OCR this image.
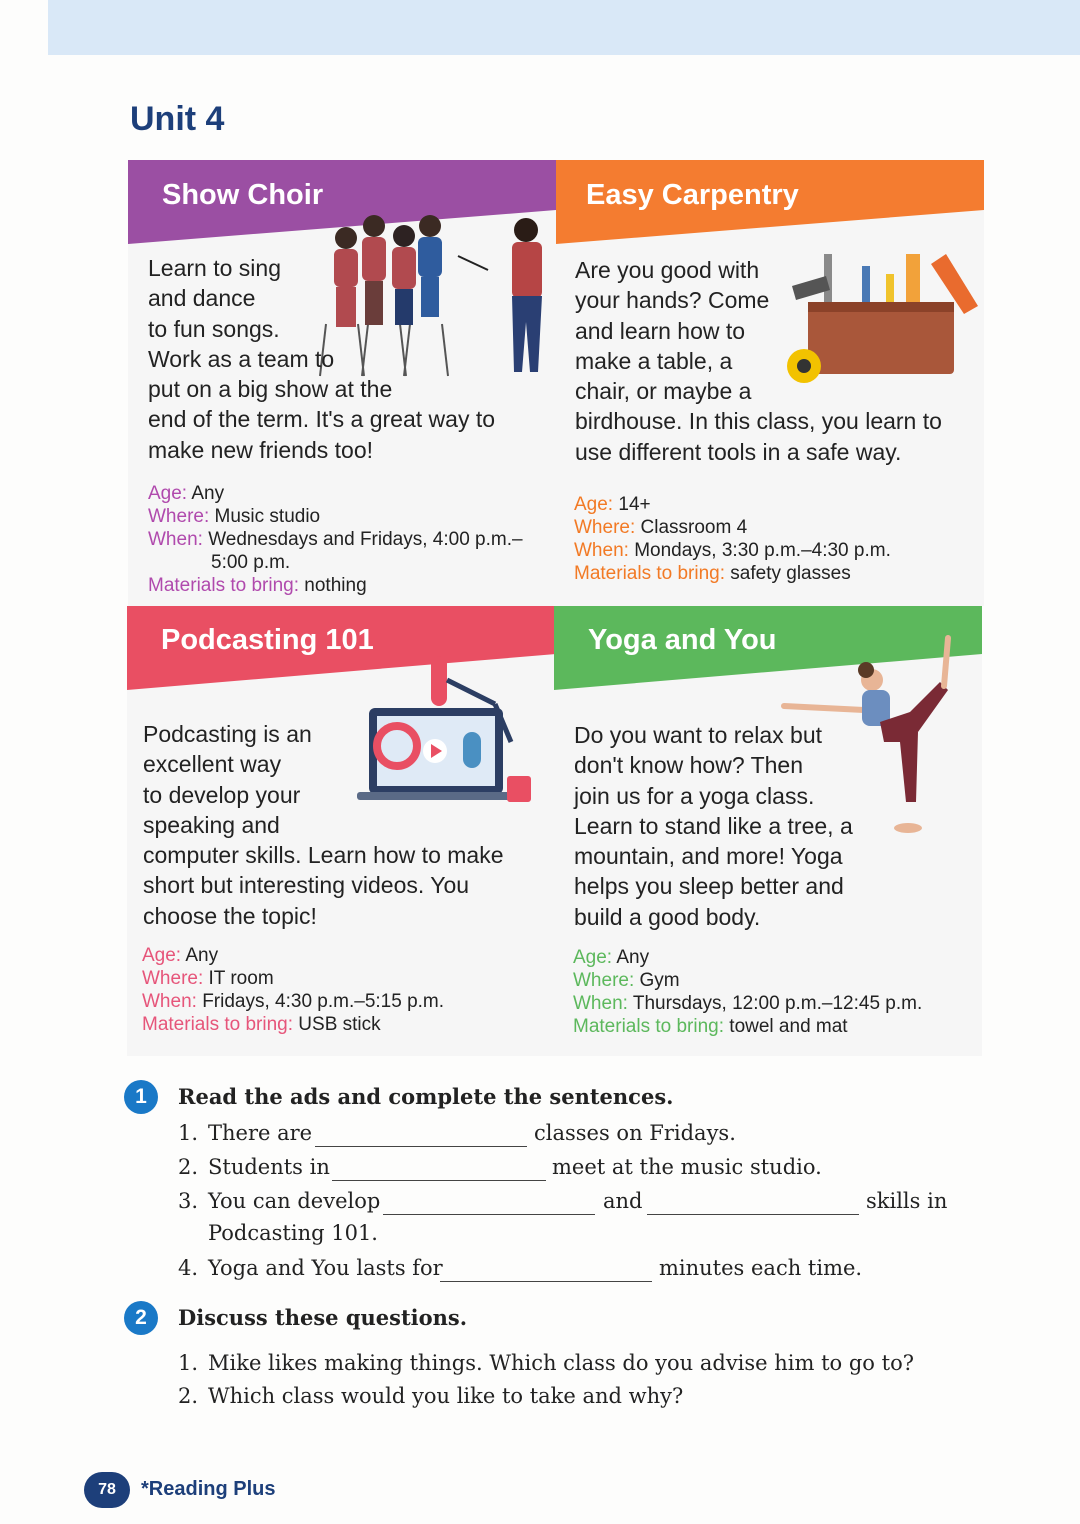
Unit 4
Show Choir
Learn to sing
and dance
to fun songs.
Work as a team to
put on a big show at the
end of the term. It's a great way to
make new friends too!
Age: Any
Where: Music studio
When: Wednesdays and Fridays, 4:00 p.m.–
5:00 p.m.
Materials to bring: nothing
Easy Carpentry
Are you good with
your hands? Come
and learn how to
make a table, a
chair, or maybe a
birdhouse. In this class, you learn to
use different tools in a safe way.
Age: 14+
Where: Classroom 4
When: Mondays, 3:30 p.m.–4:30 p.m.
Materials to bring: safety glasses
Podcasting 101
Podcasting is an
excellent way
to develop your
speaking and
computer skills. Learn how to make
short but interesting videos. You
choose the topic!
Age: Any
Where: IT room
When: Fridays, 4:30 p.m.–5:15 p.m.
Materials to bring: USB stick
Yoga and You
Do you want to relax but
don't know how? Then
join us for a yoga class.
Learn to stand like a tree, a
mountain, and more! Yoga
helps you sleep better and
build a good body.
Age: Any
Where: Gym
When: Thursdays, 12:00 p.m.–12:45 p.m.
Materials to bring: towel and mat
1	Read the ads and complete the sentences.
1. There are	classes on Fridays.
2. Students in	meet at the music studio.
3. You can develop	and	skills in
Podcasting 101.
4. Yoga and You lasts for	minutes each time.
2	Discuss these questions.
1. Mike likes making things. Which class do you advise him to go to?
2. Which class would you like to take and why?
78	*Reading Plus
